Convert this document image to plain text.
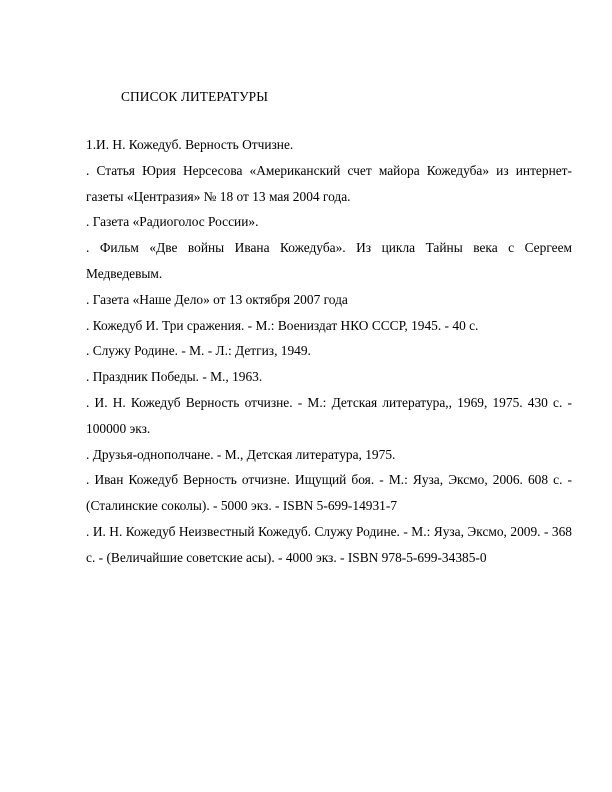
СПИСОК ЛИТЕРАТУРЫ
1.И. Н. Кожедуб. Верность Отчизне.
. Статья Юрия Нерсесова «Американский счет майора Кожедуба» из интернет-газеты «Центразия» № 18 от 13 мая 2004 года.
. Газета «Радиоголос России».
. Фильм «Две войны Ивана Кожедуба». Из цикла Тайны века с Сергеем Медведевым.
. Газета «Наше Дело» от 13 октября 2007 года
. Кожедуб И. Три сражения. - М.: Воениздат НКО СССР, 1945. - 40 с.
. Служу Родине. - М. - Л.: Детгиз, 1949.
. Праздник Победы. - М., 1963.
. И. Н. Кожедуб Верность отчизне. - М.: Детская литература,, 1969, 1975. 430 с. - 100000 экз.
. Друзья-однополчане. - М., Детская литература, 1975.
. Иван Кожедуб Верность отчизне. Ищущий боя. - М.: Яуза, Эксмо, 2006. 608 с. - (Сталинские соколы). - 5000 экз. - ISBN 5-699-14931-7
. И. Н. Кожедуб Неизвестный Кожедуб. Служу Родине. - М.: Яуза, Эксмо, 2009. - 368 с. - (Величайшие советские асы). - 4000 экз. - ISBN 978-5-699-34385-0
